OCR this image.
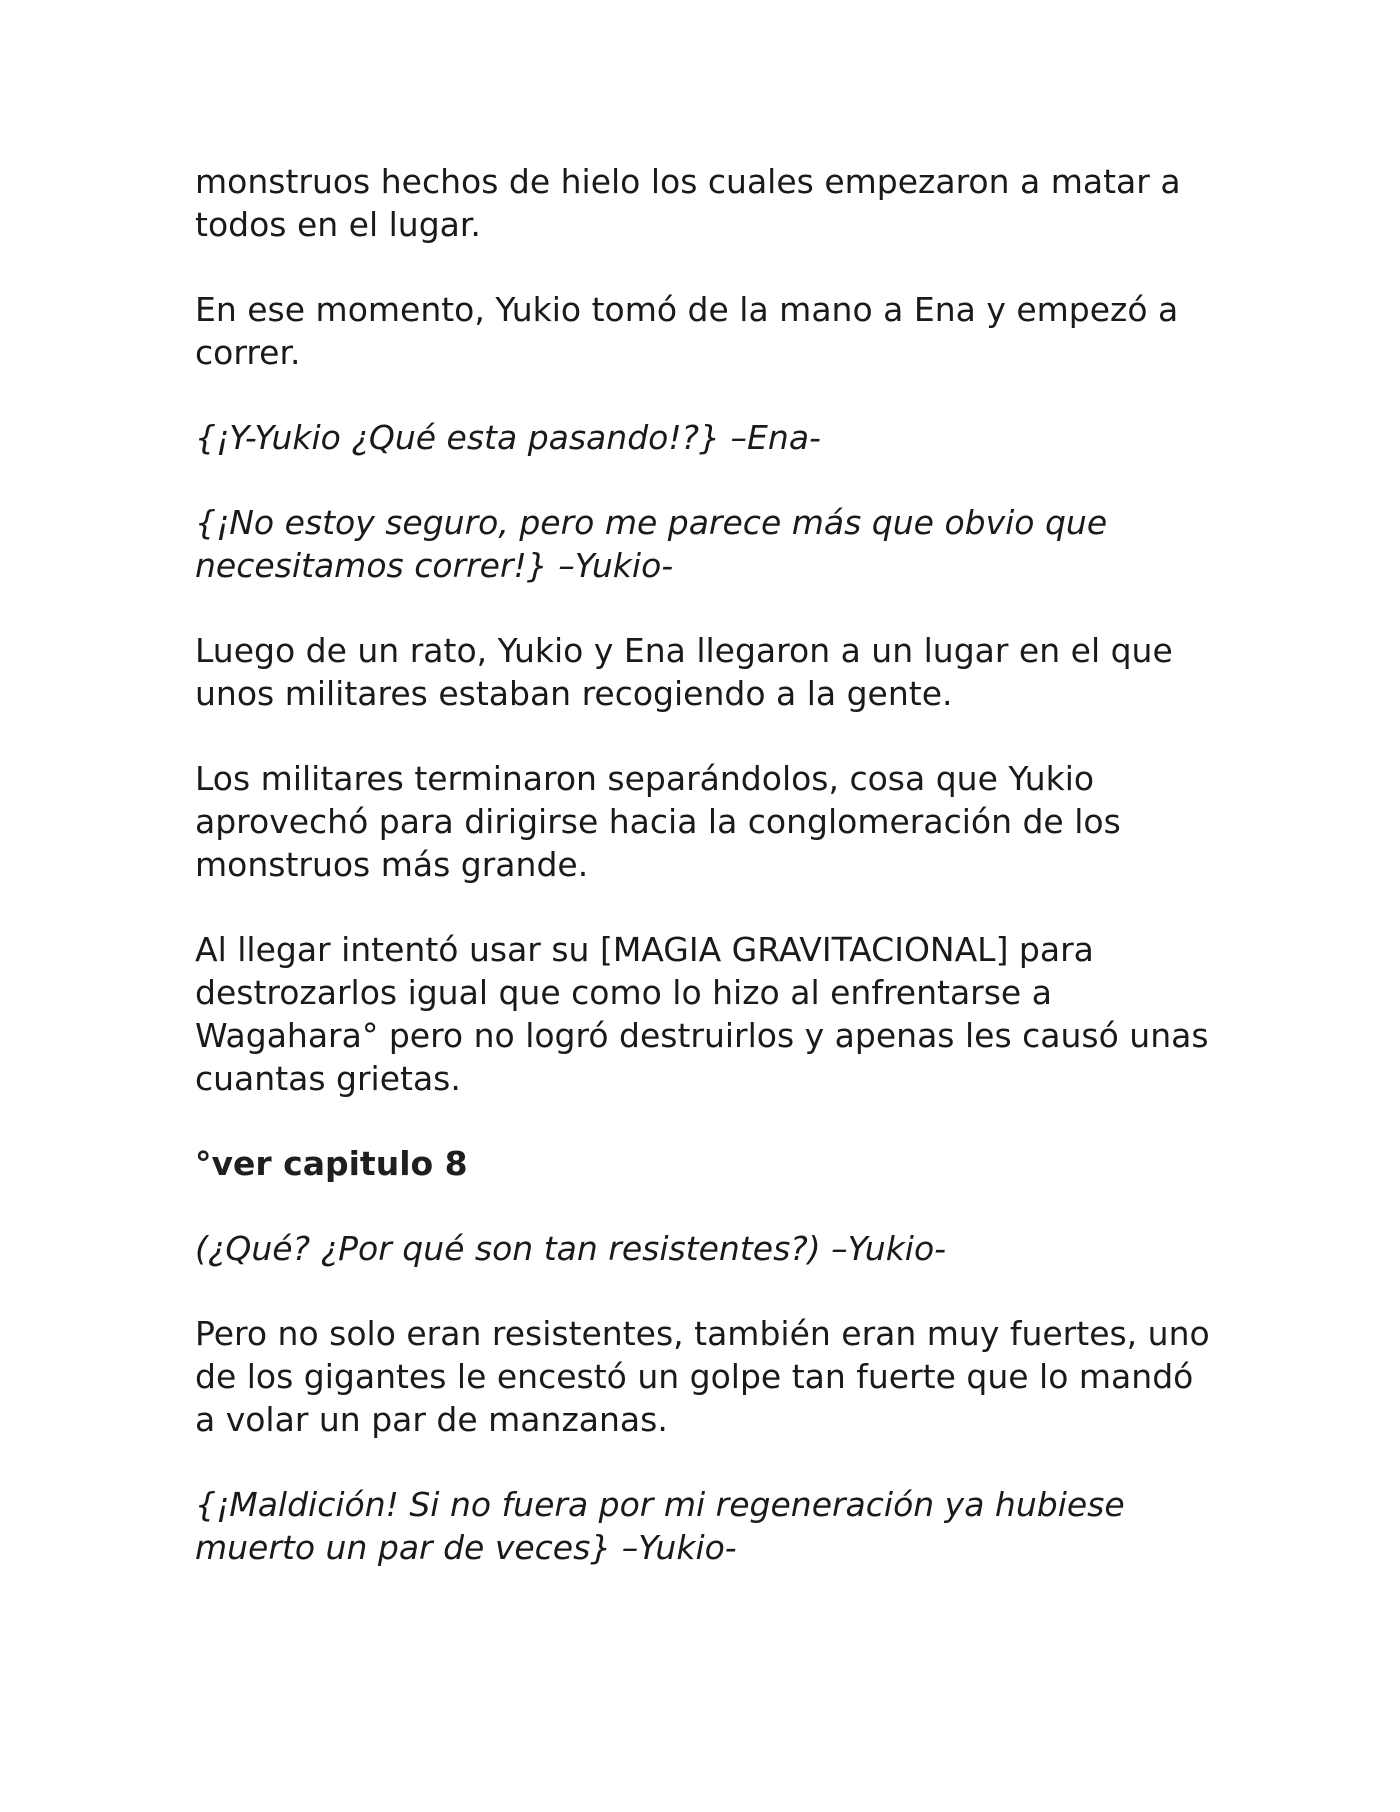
monstruos hechos de hielo los cuales empezaron a matar a
todos en el lugar.

En ese momento, Yukio tomó de la mano a Ena y empezó a
correr.

{¡Y-Yukio ¿Qué esta pasando!?} –Ena-

{¡No estoy seguro, pero me parece más que obvio que
necesitamos correr!} –Yukio-

Luego de un rato, Yukio y Ena llegaron a un lugar en el que
unos militares estaban recogiendo a la gente.

Los militares terminaron separándolos, cosa que Yukio
aprovechó para dirigirse hacia la conglomeración de los
monstruos más grande.

Al llegar intentó usar su [MAGIA GRAVITACIONAL] para
destrozarlos igual que como lo hizo al enfrentarse a
Wagahara° pero no logró destruirlos y apenas les causó unas
cuantas grietas.

°ver capitulo 8

(¿Qué? ¿Por qué son tan resistentes?) –Yukio-

Pero no solo eran resistentes, también eran muy fuertes, uno
de los gigantes le encestó un golpe tan fuerte que lo mandó
a volar un par de manzanas.

{¡Maldición! Si no fuera por mi regeneración ya hubiese
muerto un par de veces} –Yukio-
